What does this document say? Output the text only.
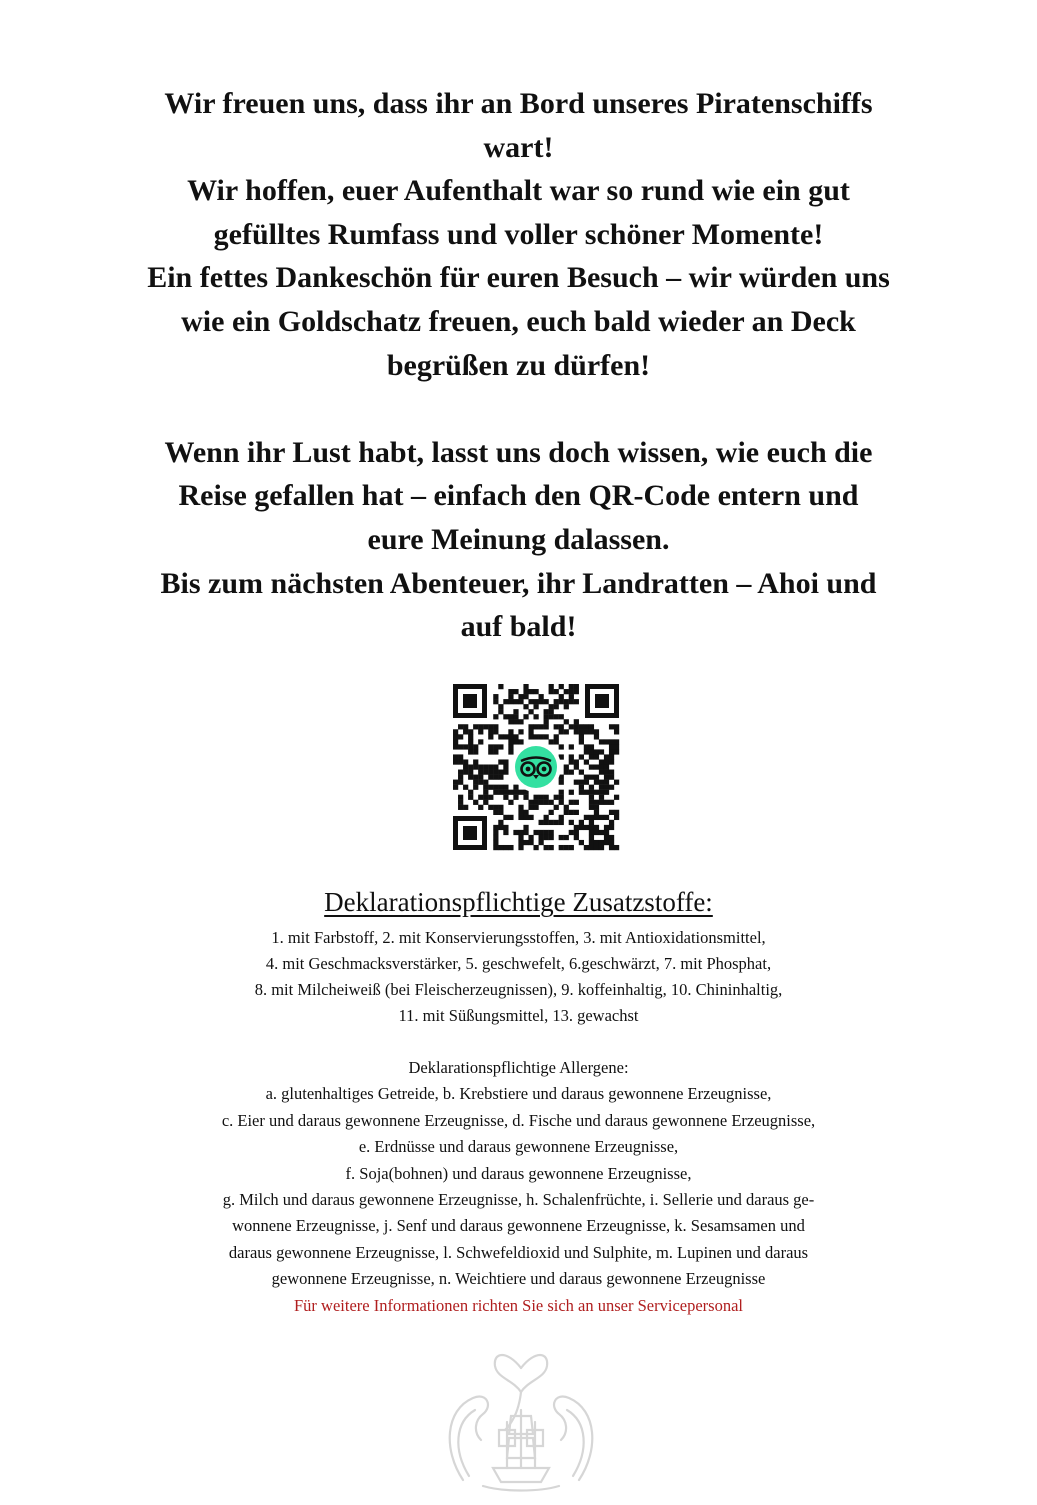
Wir freuen uns, dass ihr an Bord unseres Piratenschiffs

wart!

Wir hoffen, euer Aufenthalt war so rund wie ein gut

gefülltes Rumfass und voller schöner Momente!

Ein fettes Dankeschön für euren Besuch – wir würden uns

wie ein Goldschatz freuen, euch bald wieder an Deck

begrüßen zu dürfen!

Wenn ihr Lust habt, lasst uns doch wissen, wie euch die

Reise gefallen hat – einfach den QR-Code entern und

eure Meinung dalassen.

Bis zum nächsten Abenteuer, ihr Landratten – Ahoi und

auf bald!

Deklarationspflichtige Zusatzstoffe:

1. mit Farbstoff, 2. mit Konservierungsstoffen, 3. mit Antioxidationsmittel,

4. mit Geschmacksverstärker, 5. geschwefelt, 6.geschwärzt, 7. mit Phosphat,

8. mit Milcheiweiß (bei Fleischerzeugnissen), 9. koffeinhaltig, 10. Chininhaltig,

11. mit Süßungsmittel, 13. gewachst

Deklarationspflichtige Allergene:

a. glutenhaltiges Getreide, b. Krebstiere und daraus gewonnene Erzeugnisse,

c. Eier und daraus gewonnene Erzeugnisse, d. Fische und daraus gewonnene Erzeugnisse,

e. Erdnüsse und daraus gewonnene Erzeugnisse,

f. Soja(bohnen) und daraus gewonnene Erzeugnisse,

g. Milch und daraus gewonnene Erzeugnisse, h. Schalenfrüchte, i. Sellerie und daraus ge-

wonnene Erzeugnisse, j. Senf und daraus gewonnene Erzeugnisse, k. Sesamsamen und

daraus gewonnene Erzeugnisse, l. Schwefeldioxid und Sulphite, m. Lupinen und daraus

gewonnene Erzeugnisse, n. Weichtiere und daraus gewonnene Erzeugnisse

Für weitere Informationen richten Sie sich an unser Servicepersonal
